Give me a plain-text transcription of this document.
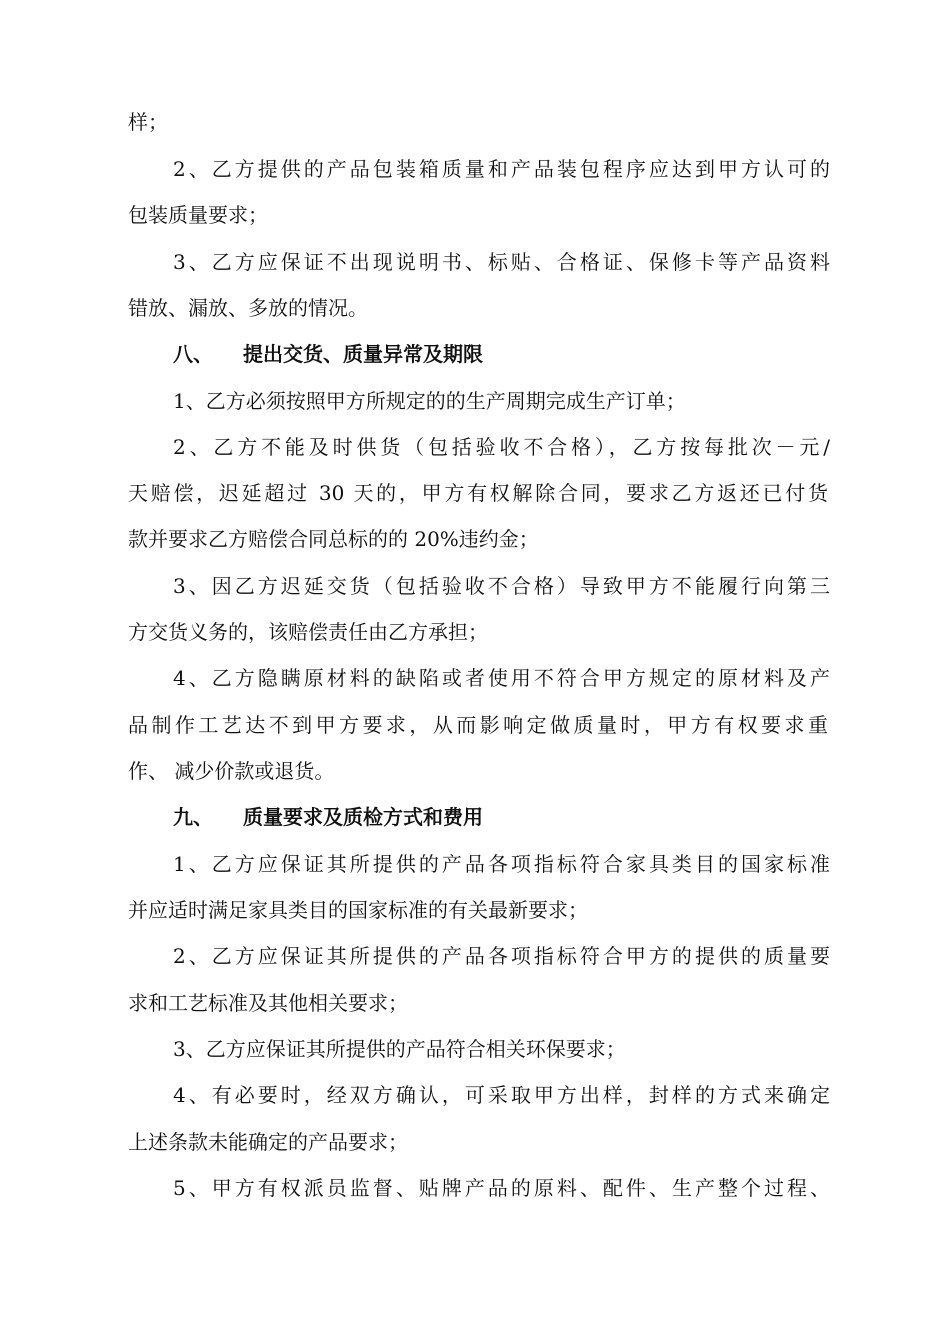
样；
2、乙方提供的产品包装箱质量和产品装包程序应达到甲方认可的
包装质量要求；
3、乙方应保证不出现说明书、标贴、合格证、保修卡等产品资料
错放、漏放、多放的情况。
八、 提出交货、质量异常及期限
1、乙方必须按照甲方所规定的的生产周期完成生产订单；
2、乙方不能及时供货（包括验收不合格），乙方按每批次－元/
天赔偿，迟延超过 30 天的，甲方有权解除合同，要求乙方返还已付货
款并要求乙方赔偿合同总标的的 20%违约金；
3、因乙方迟延交货（包括验收不合格）导致甲方不能履行向第三
方交货义务的，该赔偿责任由乙方承担；
4、乙方隐瞒原材料的缺陷或者使用不符合甲方规定的原材料及产
品制作工艺达不到甲方要求，从而影响定做质量时，甲方有权要求重
作、 减少价款或退货。
九、 质量要求及质检方式和费用
1、乙方应保证其所提供的产品各项指标符合家具类目的国家标准
并应适时满足家具类目的国家标准的有关最新要求；
2、乙方应保证其所提供的产品各项指标符合甲方的提供的质量要
求和工艺标准及其他相关要求；
3、乙方应保证其所提供的产品符合相关环保要求；
4、有必要时，经双方确认，可采取甲方出样，封样的方式来确定
上述条款未能确定的产品要求；
5、甲方有权派员监督、贴牌产品的原料、配件、生产整个过程、
